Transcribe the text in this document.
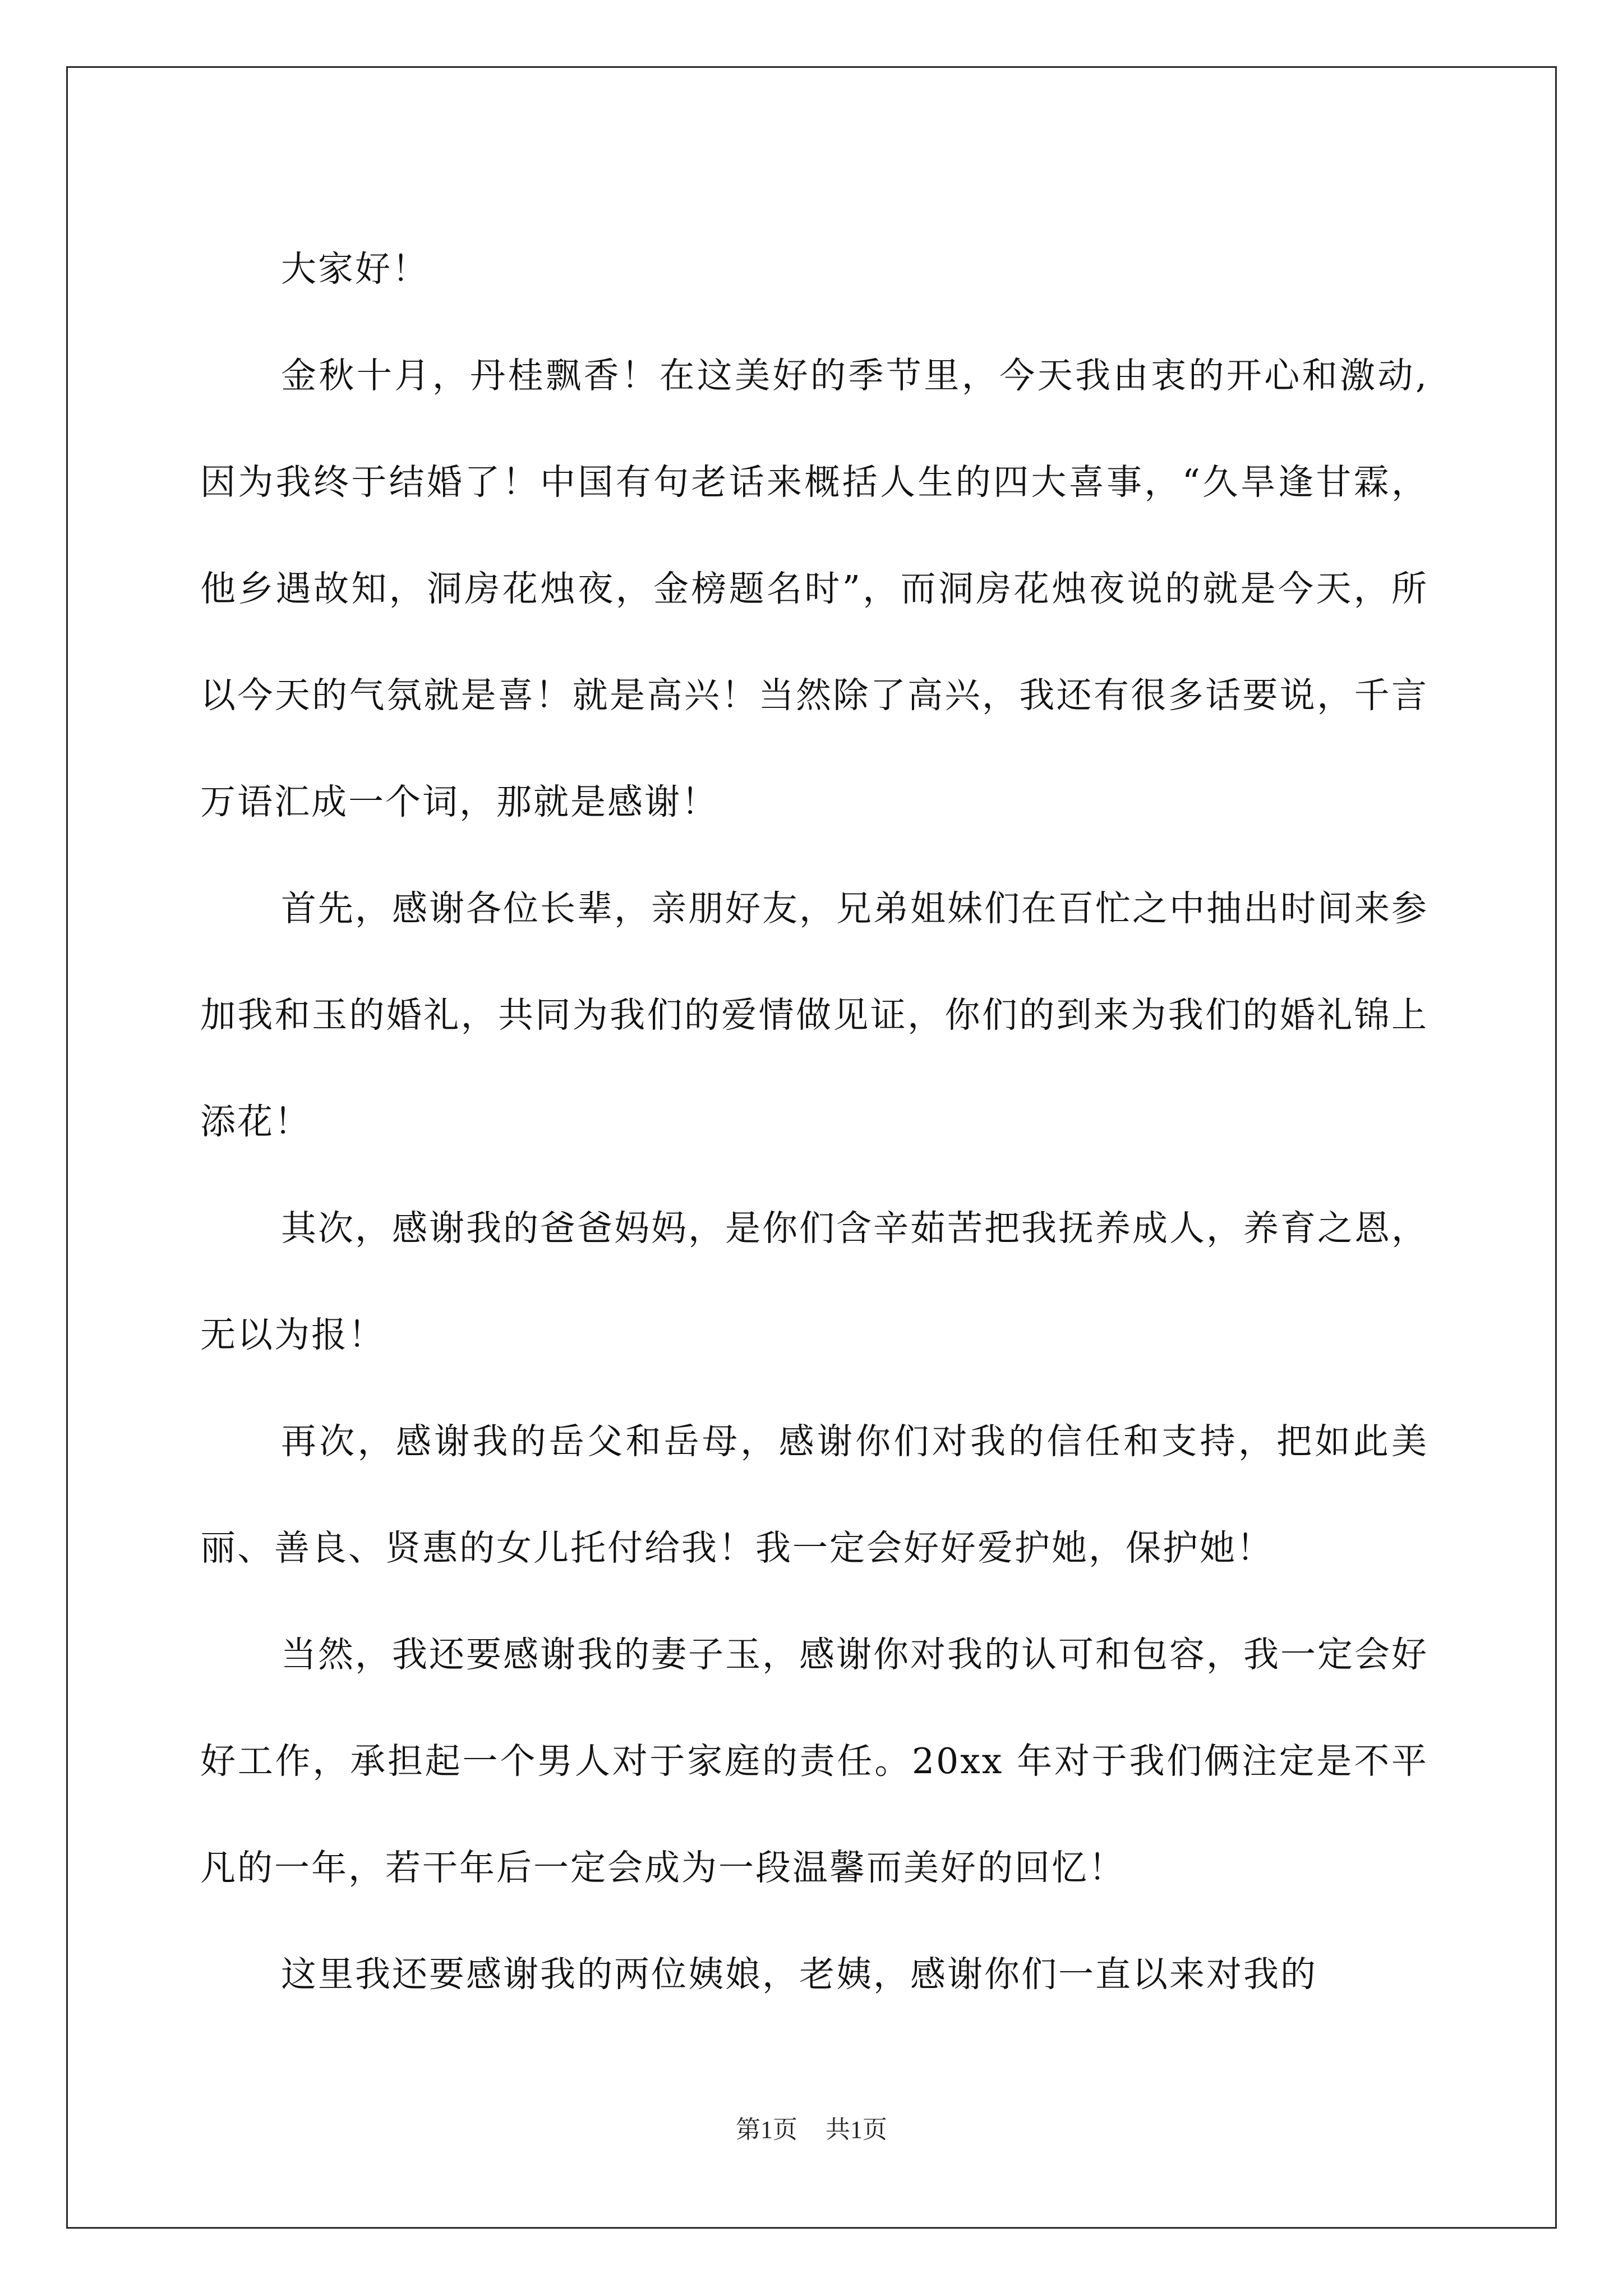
大家好！

金秋十月，丹桂飘香！在这美好的季节里，今天我由衷的开心和激动,因为我终于结婚了！中国有句老话来概括人生的四大喜事，“久旱逢甘霖，他乡遇故知，洞房花烛夜，金榜题名时”，而洞房花烛夜说的就是今天，所以今天的气氛就是喜！就是高兴！当然除了高兴，我还有很多话要说，千言万语汇成一个词，那就是感谢！

首先，感谢各位长辈，亲朋好友，兄弟姐妹们在百忙之中抽出时间来参加我和玉的婚礼，共同为我们的爱情做见证，你们的到来为我们的婚礼锦上添花！

其次，感谢我的爸爸妈妈，是你们含辛茹苦把我抚养成人，养育之恩，无以为报！

再次，感谢我的岳父和岳母，感谢你们对我的信任和支持，把如此美丽、善良、贤惠的女儿托付给我！我一定会好好爱护她，保护她！

当然，我还要感谢我的妻子玉，感谢你对我的认可和包容，我一定会好好工作，承担起一个男人对于家庭的责任。20xx 年对于我们俩注定是不平凡的一年，若干年后一定会成为一段温馨而美好的回忆！

这里我还要感谢我的两位姨娘，老姨，感谢你们一直以来对我的

第1页 共1页
